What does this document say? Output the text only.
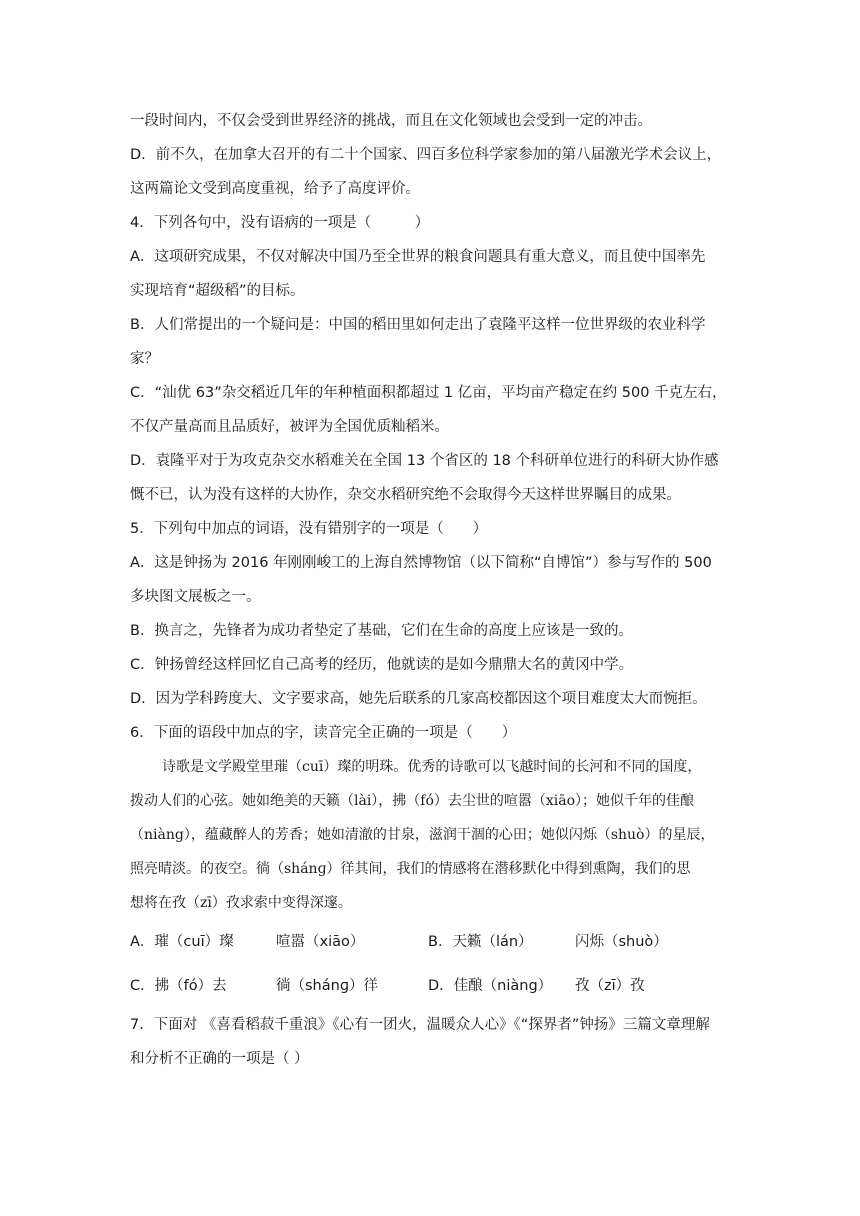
一段时间内，不仅会受到世界经济的挑战，而且在文化领域也会受到一定的冲击。
D．前不久，在加拿大召开的有二十个国家、四百多位科学家参加的第八届激光学术会议上，
这两篇论文受到高度重视，给予了高度评价。
4．下列各句中，没有语病的一项是（　　　）
A．这项研究成果，不仅对解决中国乃至全世界的粮食问题具有重大意义，而且使中国率先
实现培育“超级稻”的目标。
B．人们常提出的一个疑问是：中国的稻田里如何走出了袁隆平这样一位世界级的农业科学
家？
C．“汕优 63”杂交稻近几年的年种植面积都超过 1 亿亩，平均亩产稳定在约 500 千克左右，
不仅产量高而且品质好，被评为全国优质籼稻米。
D．袁隆平对于为攻克杂交水稻难关在全国 13 个省区的 18 个科研单位进行的科研大协作感
慨不已，认为没有这样的大协作，杂交水稻研究绝不会取得今天这样世界瞩目的成果。
5．下列句中加点的词语，没有错别字的一项是（　　）
A．这是钟扬为 2016 年刚刚峻工的上海自然博物馆（以下简称“自博馆”）参与写作的 500
多块图文展板之一。
B．换言之，先锋者为成功者垫定了基础，它们在生命的高度上应该是一致的。
C．钟扬曾经这样回忆自己高考的经历，他就读的是如今鼎鼎大名的黄冈中学。
D．因为学科跨度大、文字要求高，她先后联系的几家高校都因这个项目难度太大而惋拒。
6．下面的语段中加点的字，读音完全正确的一项是（　　）
诗歌是文学殿堂里璀（cuī）璨的明珠。优秀的诗歌可以飞越时间的长河和不同的国度，
拨动人们的心弦。她如绝美的天籁（lài），拂（fó）去尘世的喧嚣（xiāo）；她似千年的佳酿
（niàng），蕴藏醉人的芳香；她如清澈的甘泉，滋润干涸的心田；她似闪烁（shuò）的星辰，
照亮晴淡。的夜空。徜（shánɡ）徉其间，我们的情感将在潜移默化中得到熏陶，我们的思
想将在孜（zī）孜求索中变得深邃。
A．璀（cuī）璨	喧嚣（xiāo）	B．天籁（lán）	闪烁（shuò）
C．拂（fó）去	徜（shánɡ）徉	D．佳酿（niàng） 孜（zī）孜
7．下面对 《喜看稻菽千重浪》《心有一团火，温暖众人心》《“探界者”钟扬》三篇文章理解
和分析不正确的一项是（ ）
